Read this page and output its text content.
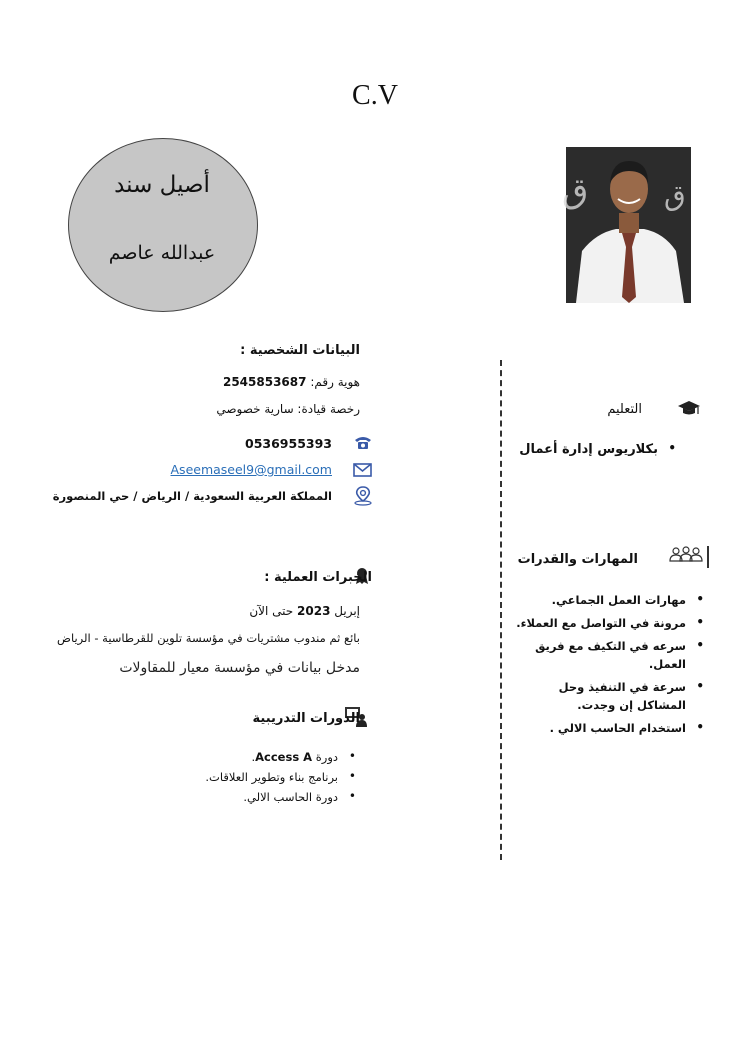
C.V
أصيل سند
عبدالله عاصم
ق	ق
البيانات الشخصية :
هوية رقم: 2545853687
رخصة قيادة: سارية خصوصي
0536955393
Aseemaseel9@gmail.com
المملكة العربية السعودية / الرياض / حي المنصورة
الخبرات العملية :
إبريل 2023 حتى الآن
بائع ثم مندوب مشتريات في مؤسسة تلوين للقرطاسية - الرياض
مدخل بيانات في مؤسسة معيار للمقاولات
الدورات التدريبية
• دورة Access A.
• برنامج بناء وتطوير العلاقات.
• دورة الحاسب الالي.
التعليم
• بكلاريوس إدارة أعمال
المهارات والقدرات
• مهارات العمل الجماعي.
• مرونة في التواصل مع العملاء.
• سرعه في التكيف مع فريق العمل.
• سرعة في التنفيذ وحل المشاكل إن وجدت.
• استخدام الحاسب الالي .
